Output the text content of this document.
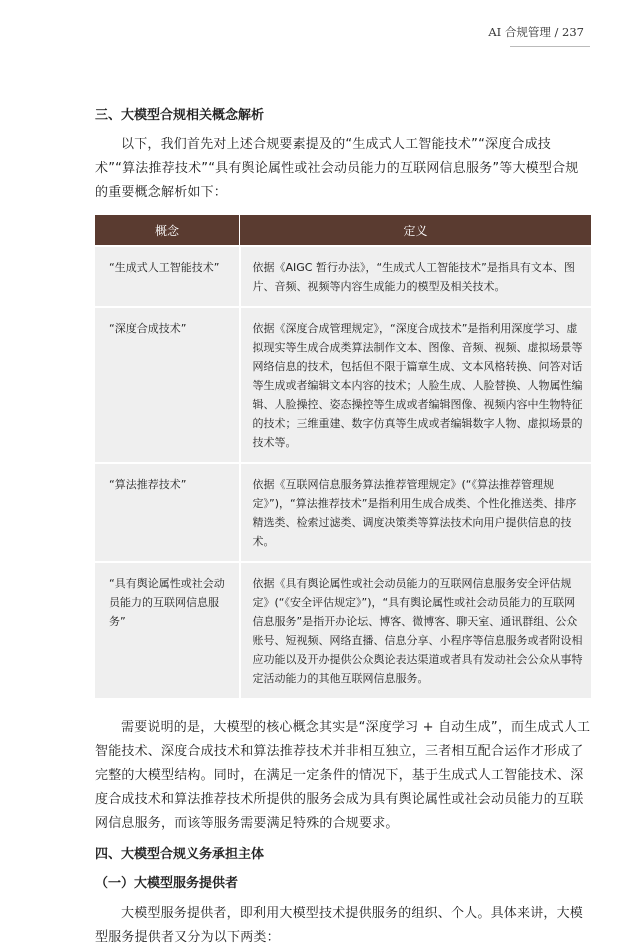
AI 合规管理 / 237
三、大模型合规相关概念解析

以下，我们首先对上述合规要素提及的“生成式人工智能技术”“深度合成技术”“算法推荐技术”“具有舆论属性或社会动员能力的互联网信息服务”等大模型合规的重要概念解析如下：

概念	定义
“生成式人工智能技术”	依据《AIGC 暂行办法》，“生成式人工智能技术”是指具有文本、图片、音频、视频等内容生成能力的模型及相关技术。
“深度合成技术”	依据《深度合成管理规定》，“深度合成技术”是指利用深度学习、虚拟现实等生成合成类算法制作文本、图像、音频、视频、虚拟场景等网络信息的技术，包括但不限于篇章生成、文本风格转换、问答对话等生成或者编辑文本内容的技术；人脸生成、人脸替换、人物属性编辑、人脸操控、姿态操控等生成或者编辑图像、视频内容中生物特征的技术；三维重建、数字仿真等生成或者编辑数字人物、虚拟场景的技术等。
“算法推荐技术”	依据《互联网信息服务算法推荐管理规定》(“《算法推荐管理规定》”)，“算法推荐技术”是指利用生成合成类、个性化推送类、排序精选类、检索过滤类、调度决策类等算法技术向用户提供信息的技术。
“具有舆论属性或社会动员能力的互联网信息服务”	依据《具有舆论属性或社会动员能力的互联网信息服务安全评估规定》(“《安全评估规定》”)，“具有舆论属性或社会动员能力的互联网信息服务”是指开办论坛、博客、微博客、聊天室、通讯群组、公众账号、短视频、网络直播、信息分享、小程序等信息服务或者附设相应功能以及开办提供公众舆论表达渠道或者具有发动社会公众从事特定活动能力的其他互联网信息服务。

需要说明的是，大模型的核心概念其实是“深度学习 + 自动生成”，而生成式人工智能技术、深度合成技术和算法推荐技术并非相互独立，三者相互配合运作才形成了完整的大模型结构。同时，在满足一定条件的情况下，基于生成式人工智能技术、深度合成技术和算法推荐技术所提供的服务会成为具有舆论属性或社会动员能力的互联网信息服务，而该等服务需要满足特殊的合规要求。

四、大模型合规义务承担主体
（一）大模型服务提供者

大模型服务提供者，即利用大模型技术提供服务的组织、个人。具体来讲，大模型服务提供者又分为以下两类：
